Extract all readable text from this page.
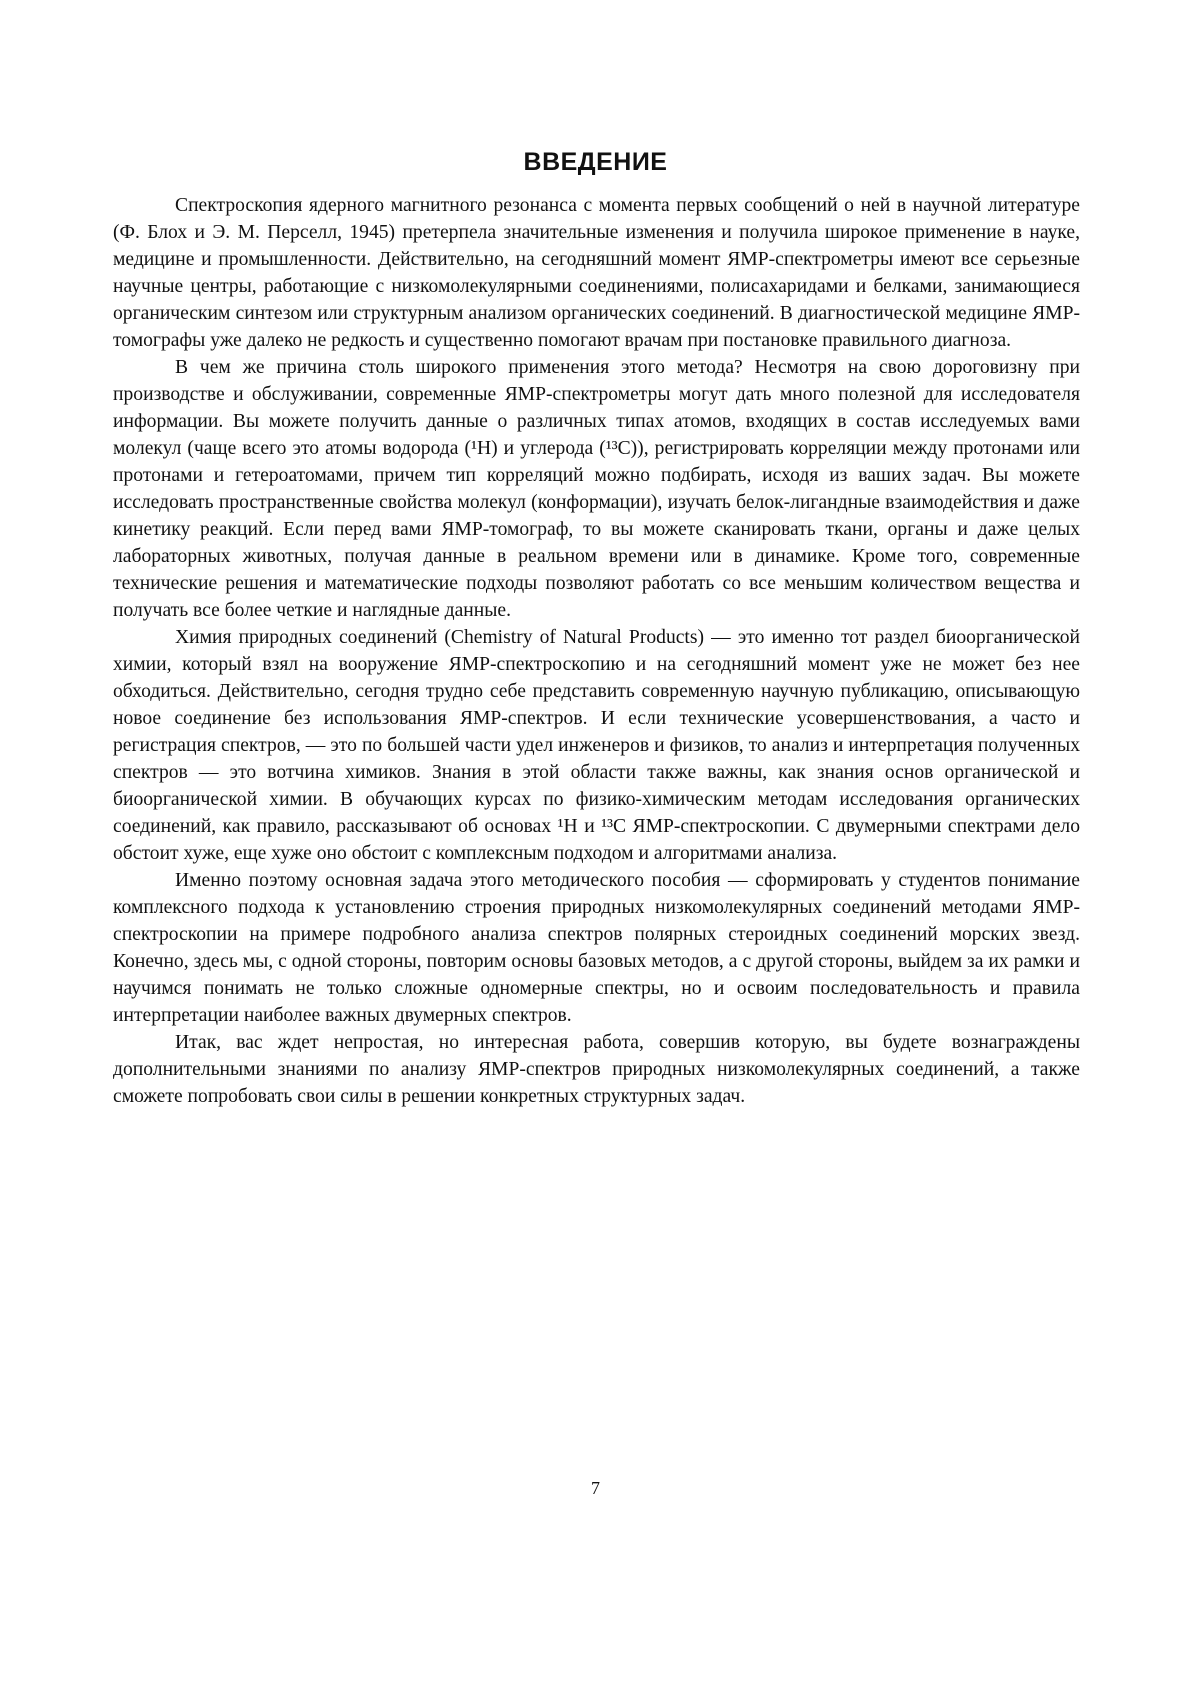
ВВЕДЕНИЕ

Спектроскопия ядерного магнитного резонанса с момента первых сообщений о ней в научной литературе (Ф. Блох и Э. М. Перселл, 1945) претерпела значительные изменения и получила широкое применение в науке, медицине и промышленности. Действительно, на сегодняшний момент ЯМР-спектрометры имеют все серьезные научные центры, работающие с низкомолекулярными соединениями, полисахаридами и белками, занимающиеся органическим синтезом или структурным анализом органических соединений. В диагностической медицине ЯМР-томографы уже далеко не редкость и существенно помогают врачам при постановке правильного диагноза.

В чем же причина столь широкого применения этого метода? Несмотря на свою дороговизну при производстве и обслуживании, современные ЯМР-спектрометры могут дать много полезной для исследователя информации. Вы можете получить данные о различных типах атомов, входящих в состав исследуемых вами молекул (чаще всего это атомы водорода (¹H) и углерода (¹³C)), регистрировать корреляции между протонами или протонами и гетероатомами, причем тип корреляций можно подбирать, исходя из ваших задач. Вы можете исследовать пространственные свойства молекул (конформации), изучать белок-лигандные взаимодействия и даже кинетику реакций. Если перед вами ЯМР-томограф, то вы можете сканировать ткани, органы и даже целых лабораторных животных, получая данные в реальном времени или в динамике. Кроме того, современные технические решения и математические подходы позволяют работать со все меньшим количеством вещества и получать все более четкие и наглядные данные.

Химия природных соединений (Chemistry of Natural Products) — это именно тот раздел биоорганической химии, который взял на вооружение ЯМР-спектроскопию и на сегодняшний момент уже не может без нее обходиться. Действительно, сегодня трудно себе представить современную научную публикацию, описывающую новое соединение без использования ЯМР-спектров. И если технические усовершенствования, а часто и регистрация спектров, — это по большей части удел инженеров и физиков, то анализ и интерпретация полученных спектров — это вотчина химиков. Знания в этой области также важны, как знания основ органической и биоорганической химии. В обучающих курсах по физико-химическим методам исследования органических соединений, как правило, рассказывают об основах ¹H и ¹³C ЯМР-спектроскопии. С двумерными спектрами дело обстоит хуже, еще хуже оно обстоит с комплексным подходом и алгоритмами анализа.

Именно поэтому основная задача этого методического пособия — сформировать у студентов понимание комплексного подхода к установлению строения природных низкомолекулярных соединений методами ЯМР-спектроскопии на примере подробного анализа спектров полярных стероидных соединений морских звезд. Конечно, здесь мы, с одной стороны, повторим основы базовых методов, а с другой стороны, выйдем за их рамки и научимся понимать не только сложные одномерные спектры, но и освоим последовательность и правила интерпретации наиболее важных двумерных спектров.

Итак, вас ждет непростая, но интересная работа, совершив которую, вы будете вознаграждены дополнительными знаниями по анализу ЯМР-спектров природных низкомолекулярных соединений, а также сможете попробовать свои силы в решении конкретных структурных задач.

7
